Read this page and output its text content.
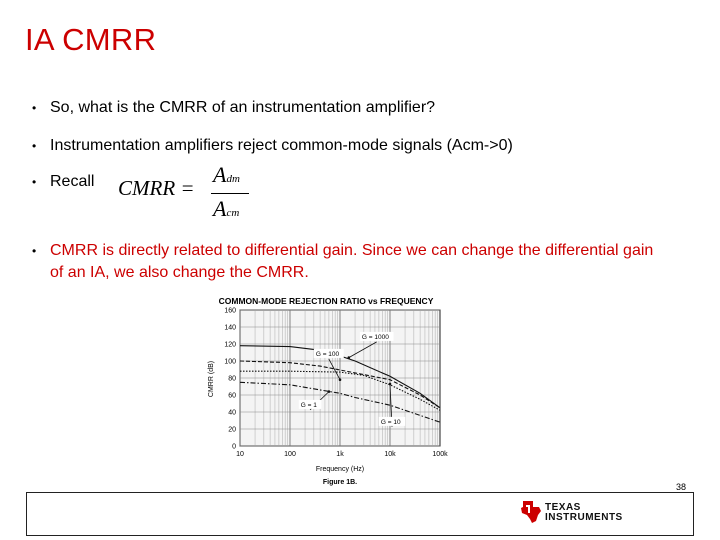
IA CMRR
• So, what is the CMRR of an instrumentation amplifier?
• Instrumentation amplifiers reject common-mode signals (Acm->0)
• Recall CMRR =
Adm
Acm
• CMRR is directly related to differential gain. Since we can change the differential gain of an IA, we also change the CMRR.
COMMON-MODE REJECTION RATIO vs FREQUENCY
CMRR (dB)
Frequency (Hz)
Figure 1B.
0
20
40
60
80
100
120
140
160
10	100	1k	10k	100k
G = 1000
G = 100
G = 1
G = 10
38
TEXAS
INSTRUMENTS
